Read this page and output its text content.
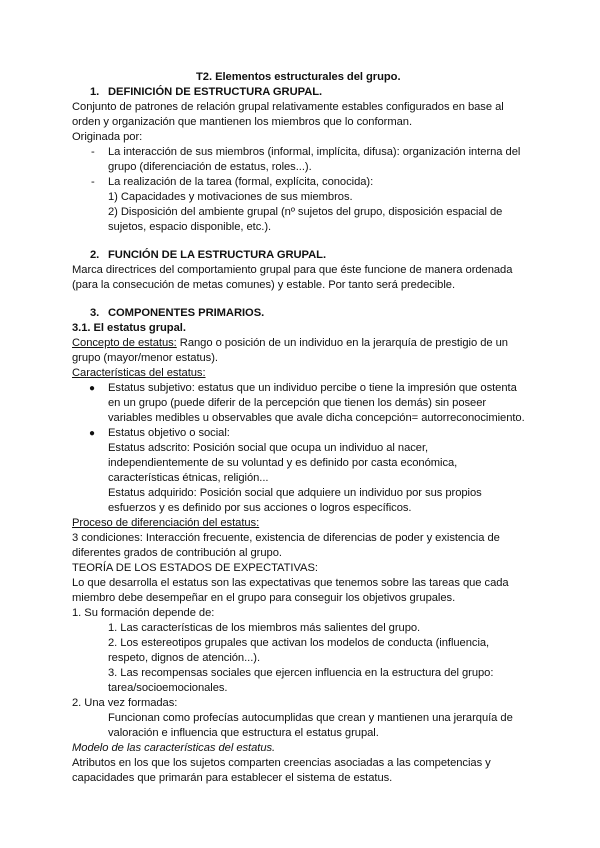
T2. Elementos estructurales del grupo.
1. DEFINICIÓN DE ESTRUCTURA GRUPAL.
Conjunto de patrones de relación grupal relativamente estables configurados en base al
orden y organización que mantienen los miembros que lo conforman.
Originada por:
- La interacción de sus miembros (informal, implícita, difusa): organización interna del
grupo (diferenciación de estatus, roles...).
- La realización de la tarea (formal, explícita, conocida):
1) Capacidades y motivaciones de sus miembros.
2) Disposición del ambiente grupal (nº sujetos del grupo, disposición espacial de
sujetos, espacio disponible, etc.).
2. FUNCIÓN DE LA ESTRUCTURA GRUPAL.
Marca directrices del comportamiento grupal para que éste funcione de manera ordenada
(para la consecución de metas comunes) y estable. Por tanto será predecible.
3. COMPONENTES PRIMARIOS.
3.1. El estatus grupal.
Concepto de estatus: Rango o posición de un individuo en la jerarquía de prestigio de un
grupo (mayor/menor estatus).
Características del estatus:
● Estatus subjetivo: estatus que un individuo percibe o tiene la impresión que ostenta
en un grupo (puede diferir de la percepción que tienen los demás) sin poseer
variables medibles u observables que avale dicha concepción= autorreconocimiento.
● Estatus objetivo o social:
Estatus adscrito: Posición social que ocupa un individuo al nacer,
independientemente de su voluntad y es definido por casta económica,
características étnicas, religión...
Estatus adquirido: Posición social que adquiere un individuo por sus propios
esfuerzos y es definido por sus acciones o logros específicos.
Proceso de diferenciación del estatus:
3 condiciones: Interacción frecuente, existencia de diferencias de poder y existencia de
diferentes grados de contribución al grupo.
TEORÍA DE LOS ESTADOS DE EXPECTATIVAS:
Lo que desarrolla el estatus son las expectativas que tenemos sobre las tareas que cada
miembro debe desempeñar en el grupo para conseguir los objetivos grupales.
1. Su formación depende de:
1. Las características de los miembros más salientes del grupo.
2. Los estereotipos grupales que activan los modelos de conducta (influencia,
respeto, dignos de atención...).
3. Las recompensas sociales que ejercen influencia en la estructura del grupo:
tarea/socioemocionales.
2. Una vez formadas:
Funcionan como profecías autocumplidas que crean y mantienen una jerarquía de
valoración e influencia que estructura el estatus grupal.
Modelo de las características del estatus.
Atributos en los que los sujetos comparten creencias asociadas a las competencias y
capacidades que primarán para establecer el sistema de estatus.
